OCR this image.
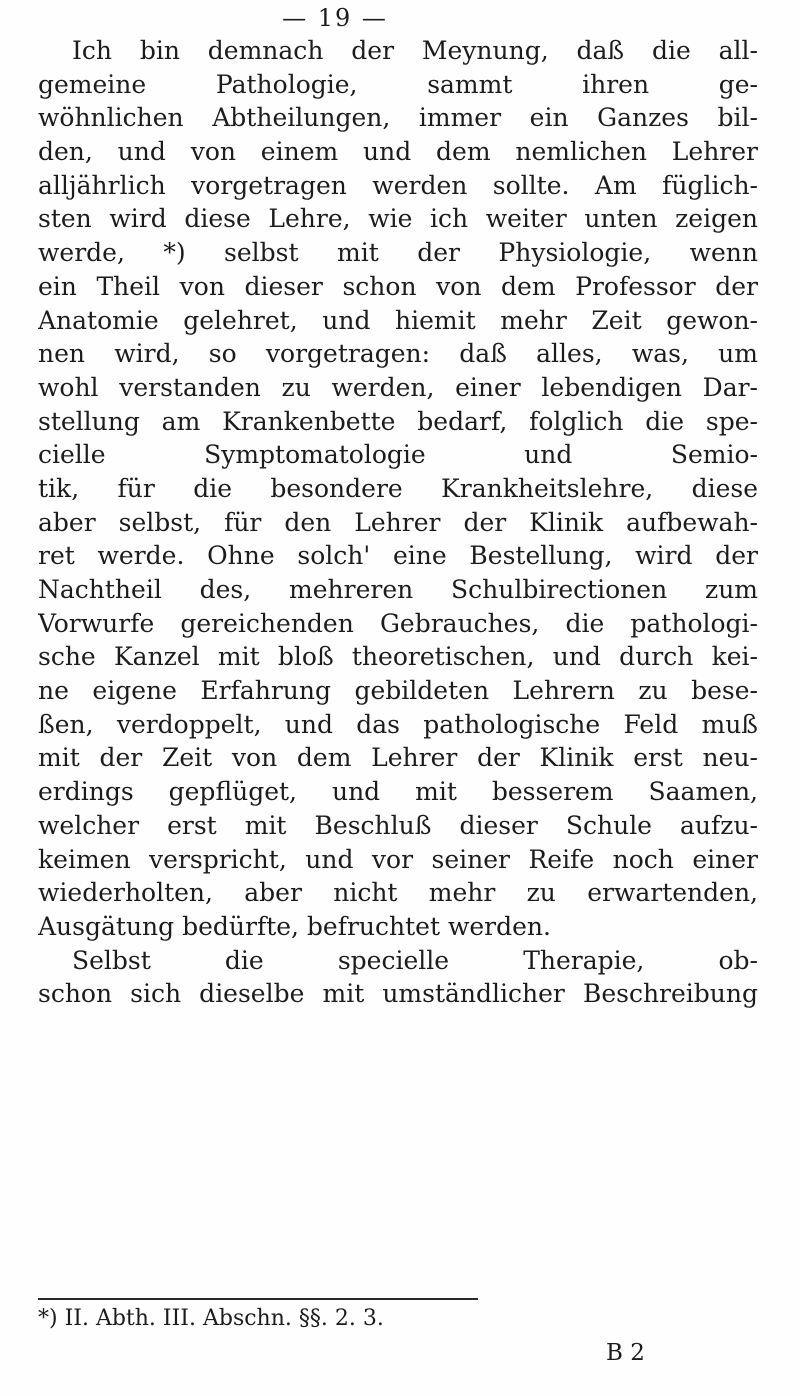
— 19 —
Ich bin demnach der Meynung, daß die all-
gemeine Pathologie, sammt ihren ge-
wöhnlichen Abtheilungen, immer ein Ganzes bil-
den, und von einem und dem nemlichen Lehrer
alljährlich vorgetragen werden sollte. Am füglich-
sten wird diese Lehre, wie ich weiter unten zeigen
werde, *) selbst mit der Physiologie, wenn
ein Theil von dieser schon von dem Professor der
Anatomie gelehret, und hiemit mehr Zeit gewon-
nen wird, so vorgetragen: daß alles, was, um
wohl verstanden zu werden, einer lebendigen Dar-
stellung am Krankenbette bedarf, folglich die spe-
cielle Symptomatologie und Semio-
tik, für die besondere Krankheitslehre, diese
aber selbst, für den Lehrer der Klinik aufbewah-
ret werde. Ohne solch' eine Bestellung, wird der
Nachtheil des, mehreren Schulbirectionen zum
Vorwurfe gereichenden Gebrauches, die pathologi-
sche Kanzel mit bloß theoretischen, und durch kei-
ne eigene Erfahrung gebildeten Lehrern zu bese-
ßen, verdoppelt, und das pathologische Feld muß
mit der Zeit von dem Lehrer der Klinik erst neu-
erdings gepflüget, und mit besserem Saamen,
welcher erst mit Beschluß dieser Schule aufzu-
keimen verspricht, und vor seiner Reife noch einer
wiederholten, aber nicht mehr zu erwartenden,
Ausgätung bedürfte, befruchtet werden.
Selbst die specielle Therapie, ob-
schon sich dieselbe mit umständlicher Beschreibung
*) II. Abth. III. Abschn. §§. 2. 3.
B 2
